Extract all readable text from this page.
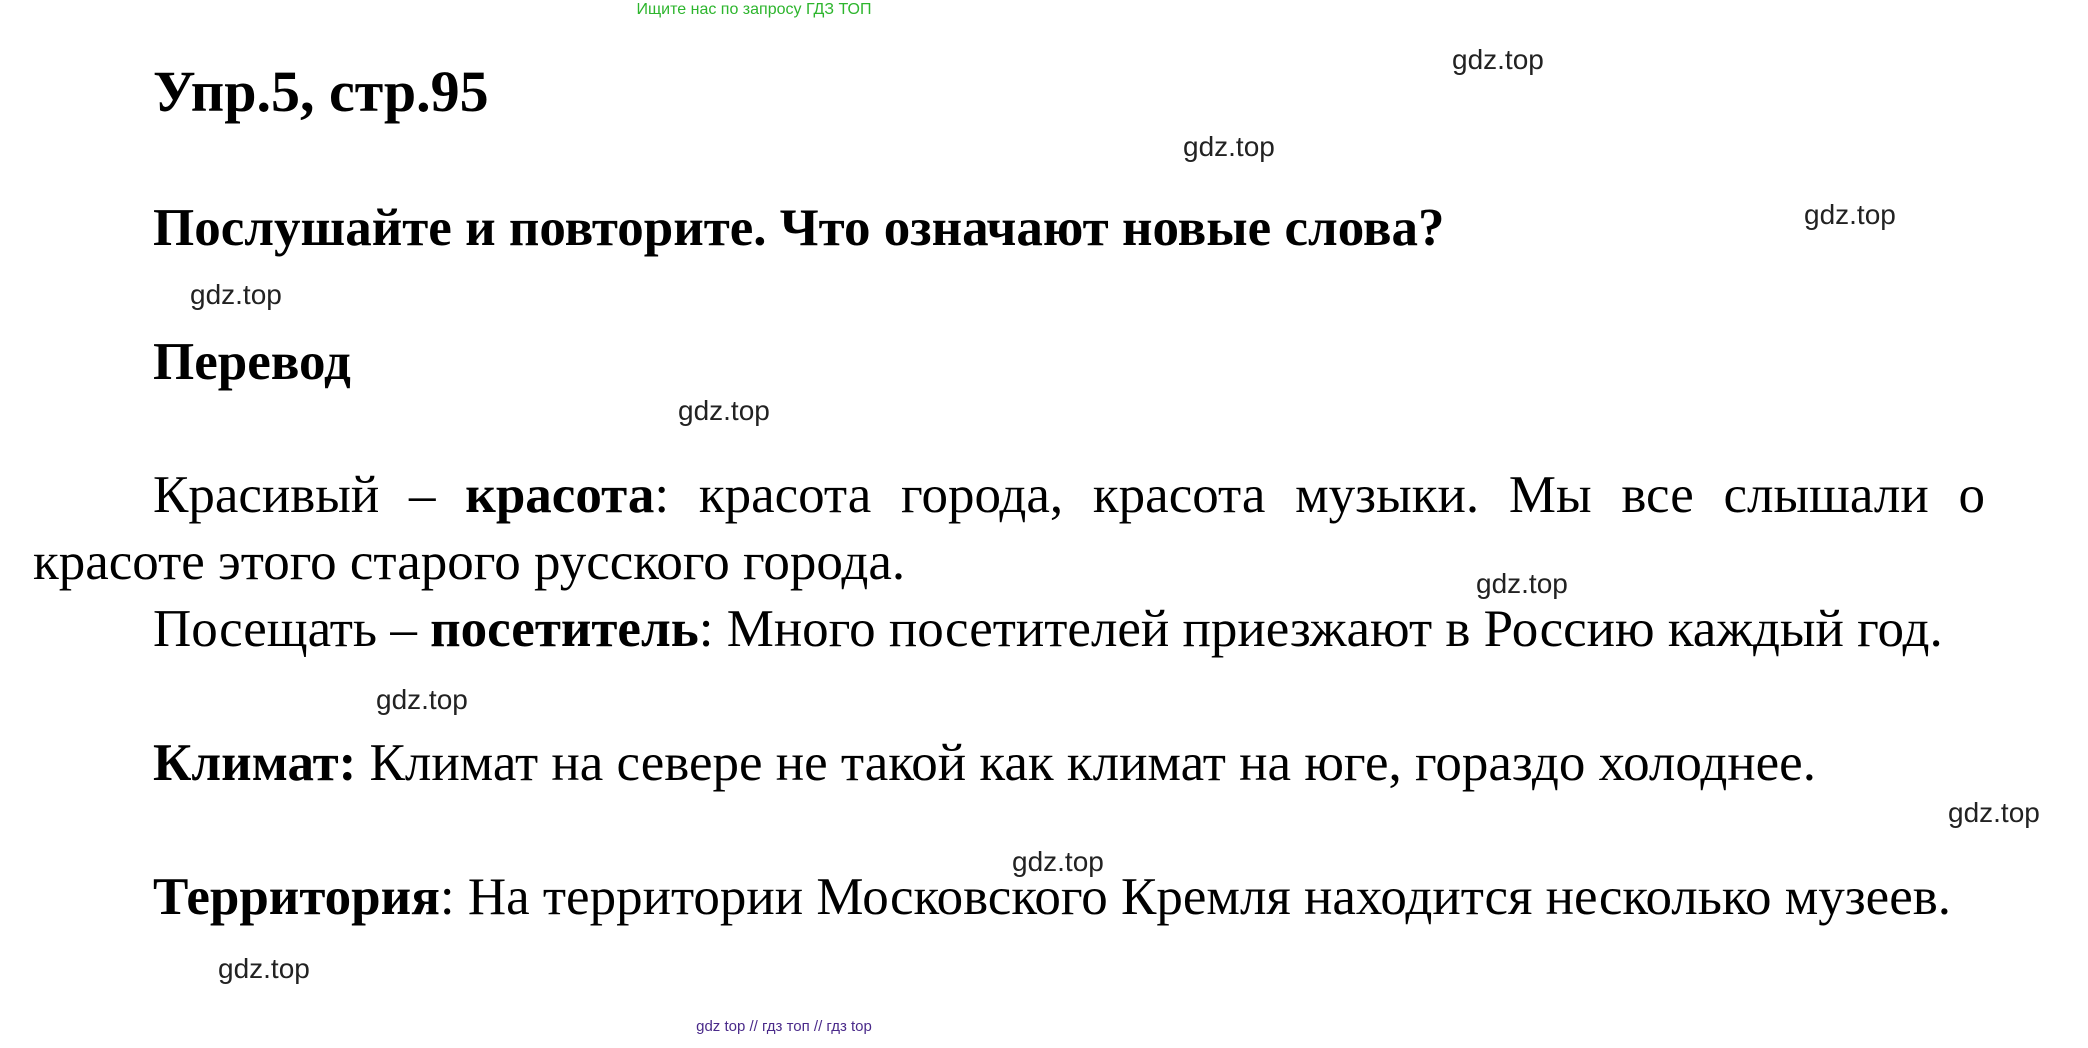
Ищите нас по запросу ГДЗ ТОП
Упр.5, стр.95
Послушайте и повторите. Что означают новые слова?
Перевод

Красивый – красота: красота города, красота музыки. Мы все слышали о красоте этого старого русского города.

Посещать – посетитель: Много посетителей приезжают в Россию каждый год.

Климат: Климат на севере не такой как климат на юге, гораздо холоднее.

Территория: На территории Московского Кремля находится несколько музеев.

gdz.top
gdz.top
gdz.top
gdz.top
gdz.top
gdz.top
gdz.top
gdz.top
gdz.top
gdz.top
gdz top // гдз топ // гдз top
